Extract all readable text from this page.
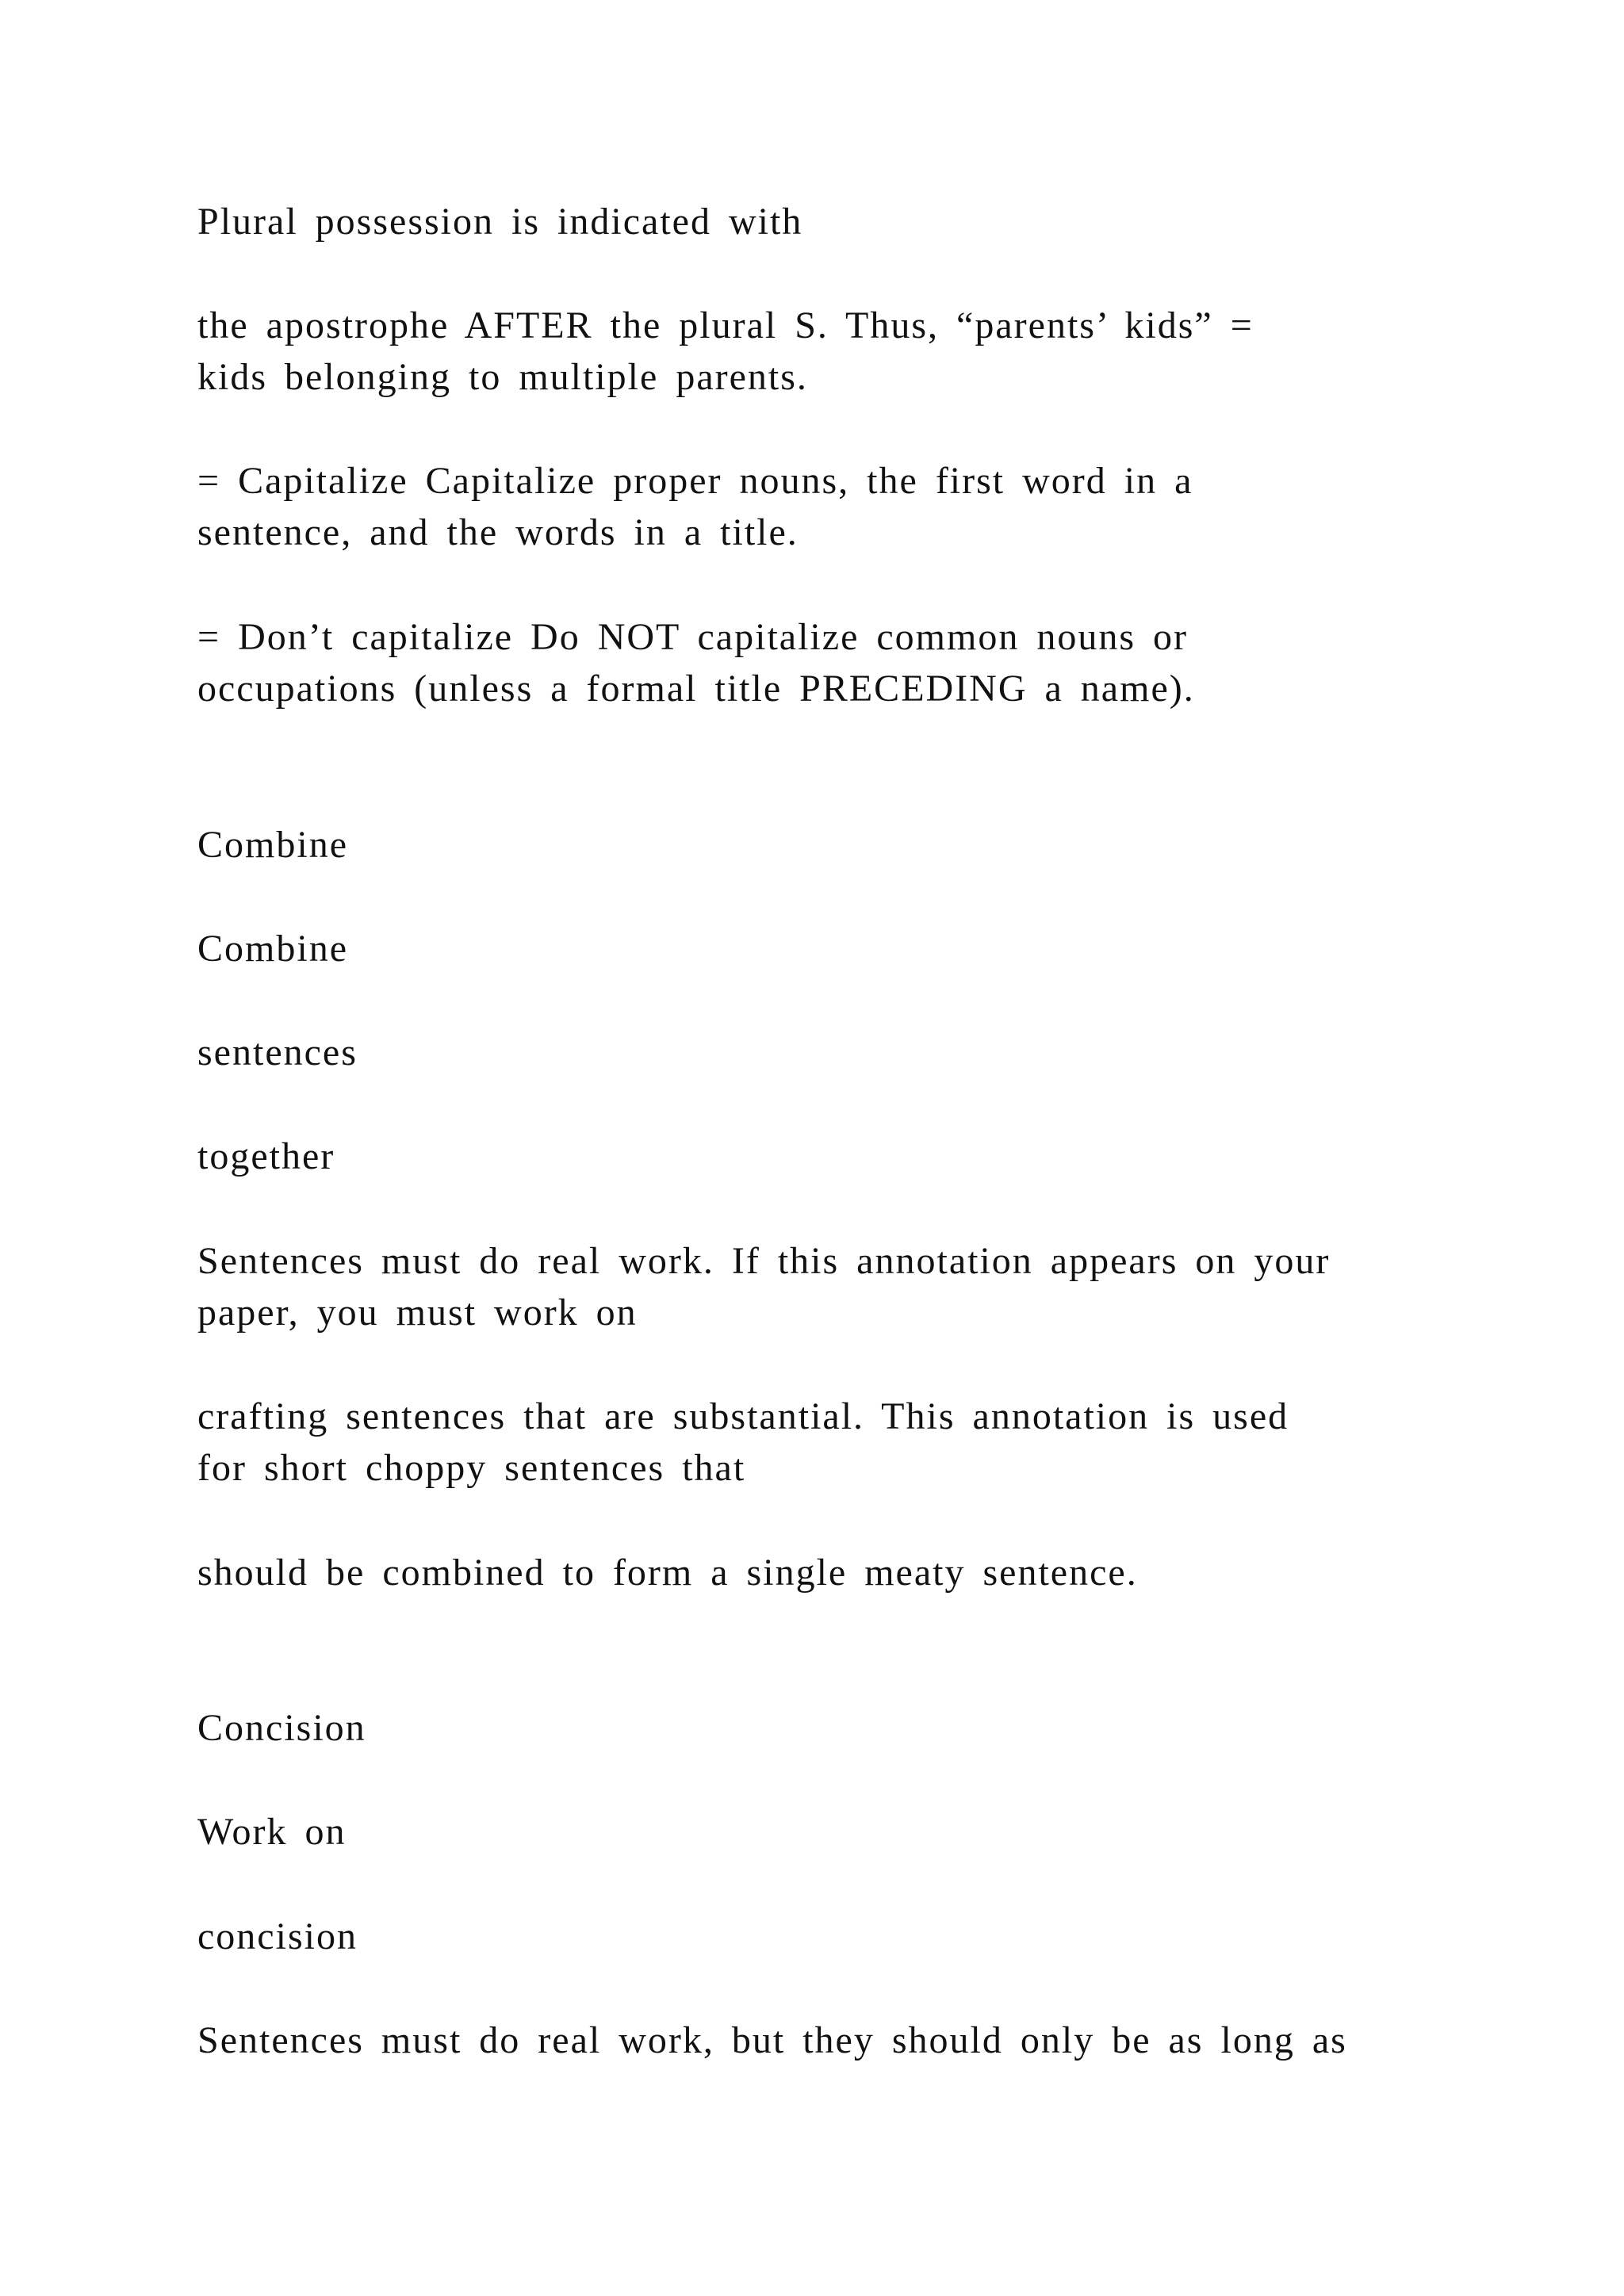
Plural possession is indicated with

the apostrophe AFTER the plural S. Thus, “parents’ kids” =

kids belonging to multiple parents.

= Capitalize Capitalize proper nouns, the first word in a

sentence, and the words in a title.

= Don’t capitalize Do NOT capitalize common nouns or

occupations (unless a formal title PRECEDING a name).

Combine

Combine

sentences

together

Sentences must do real work. If this annotation appears on your

paper, you must work on

crafting sentences that are substantial. This annotation is used

for short choppy sentences that

should be combined to form a single meaty sentence.

Concision

Work on

concision

Sentences must do real work, but they should only be as long as
